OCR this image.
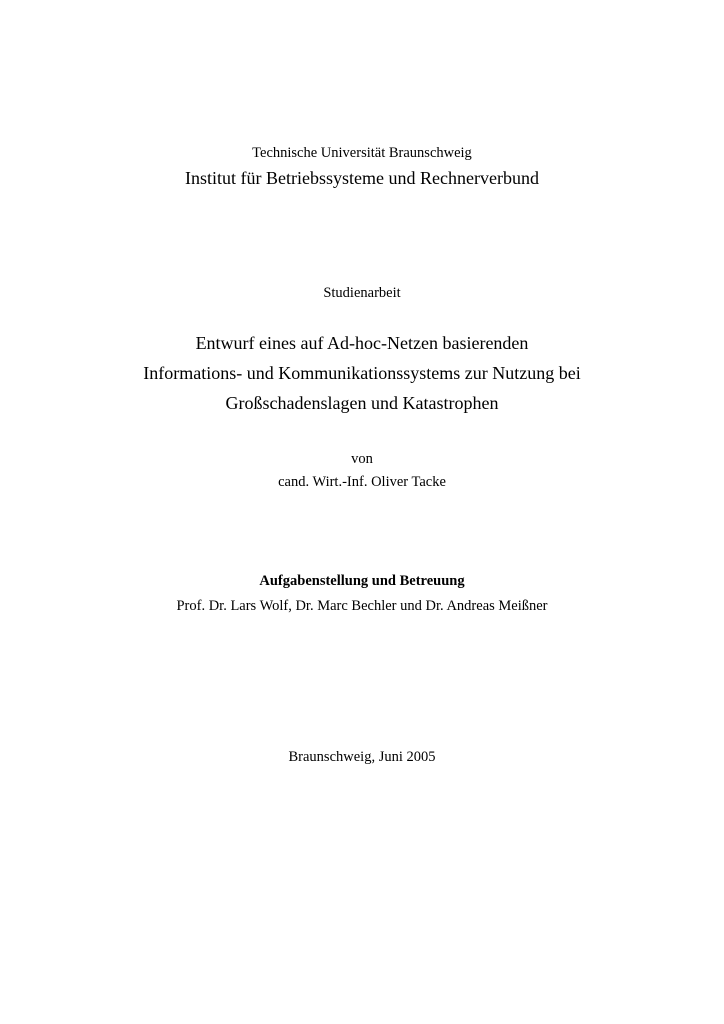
Technische Universität Braunschweig
Institut für Betriebssysteme und Rechnerverbund
Studienarbeit
Entwurf eines auf Ad-hoc-Netzen basierenden
Informations- und Kommunikationssystems zur Nutzung bei
Großschadenslagen und Katastrophen
von
cand. Wirt.-Inf. Oliver Tacke
Aufgabenstellung und Betreuung
Prof. Dr. Lars Wolf, Dr. Marc Bechler und Dr. Andreas Meißner
Braunschweig, Juni 2005
